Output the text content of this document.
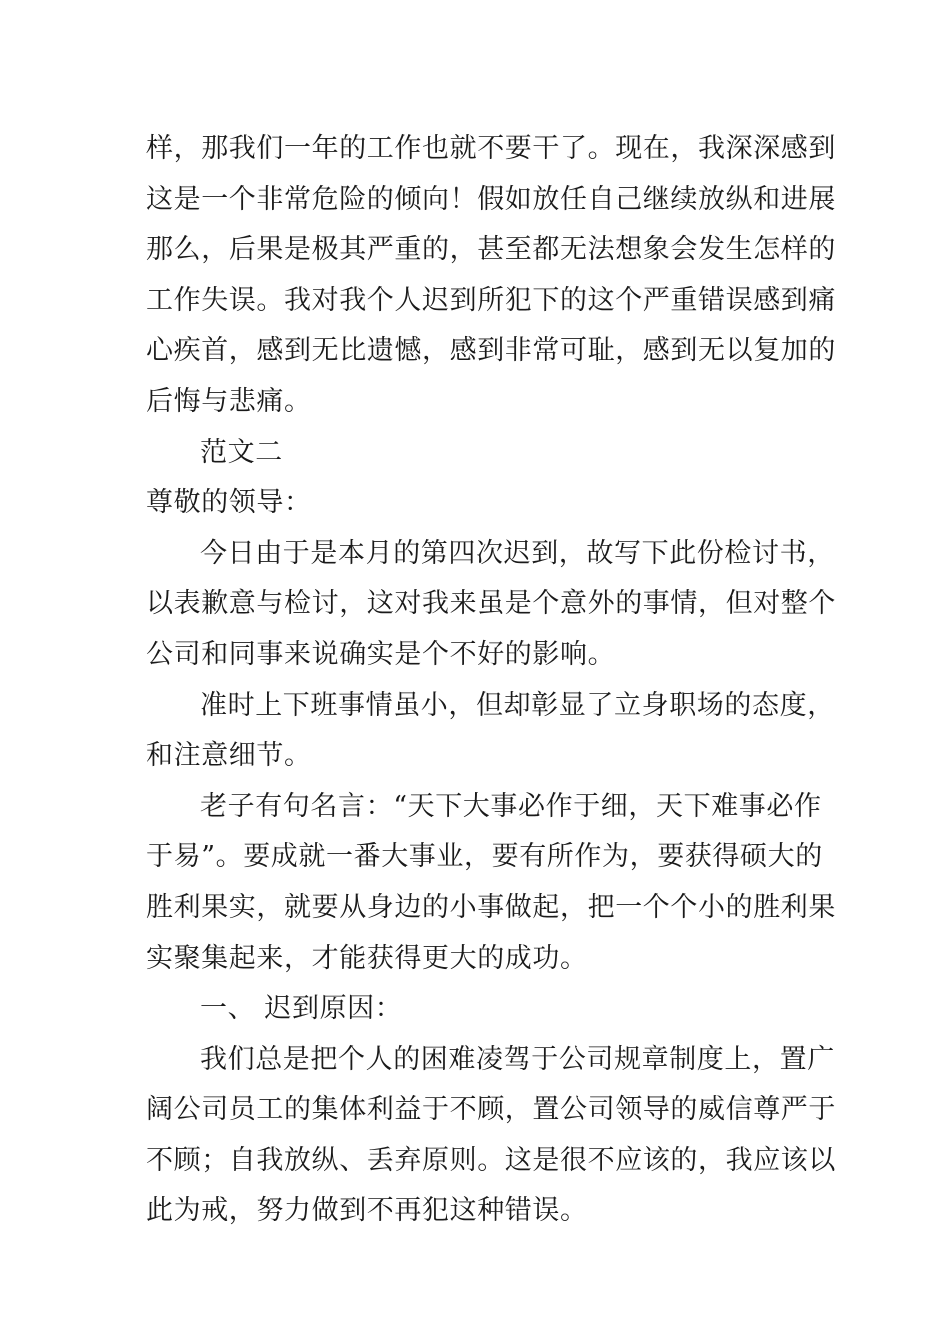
样，那我们一年的工作也就不要干了。现在，我深深感到
这是一个非常危险的倾向！假如放任自己继续放纵和进展
那么，后果是极其严重的，甚至都无法想象会发生怎样的
工作失误。我对我个人迟到所犯下的这个严重错误感到痛
心疾首，感到无比遗憾，感到非常可耻，感到无以复加的
后悔与悲痛。
范文二
尊敬的领导：
今日由于是本月的第四次迟到，故写下此份检讨书，
以表歉意与检讨，这对我来虽是个意外的事情，但对整个
公司和同事来说确实是个不好的影响。
准时上下班事情虽小，但却彰显了立身职场的态度，
和注意细节。
老子有句名言：“天下大事必作于细，天下难事必作
于易”。要成就一番大事业，要有所作为，要获得硕大的
胜利果实，就要从身边的小事做起，把一个个小的胜利果
实聚集起来，才能获得更大的成功。
一、 迟到原因：
我们总是把个人的困难凌驾于公司规章制度上，置广
阔公司员工的集体利益于不顾，置公司领导的威信尊严于
不顾；自我放纵、丢弃原则。这是很不应该的，我应该以
此为戒，努力做到不再犯这种错误。
